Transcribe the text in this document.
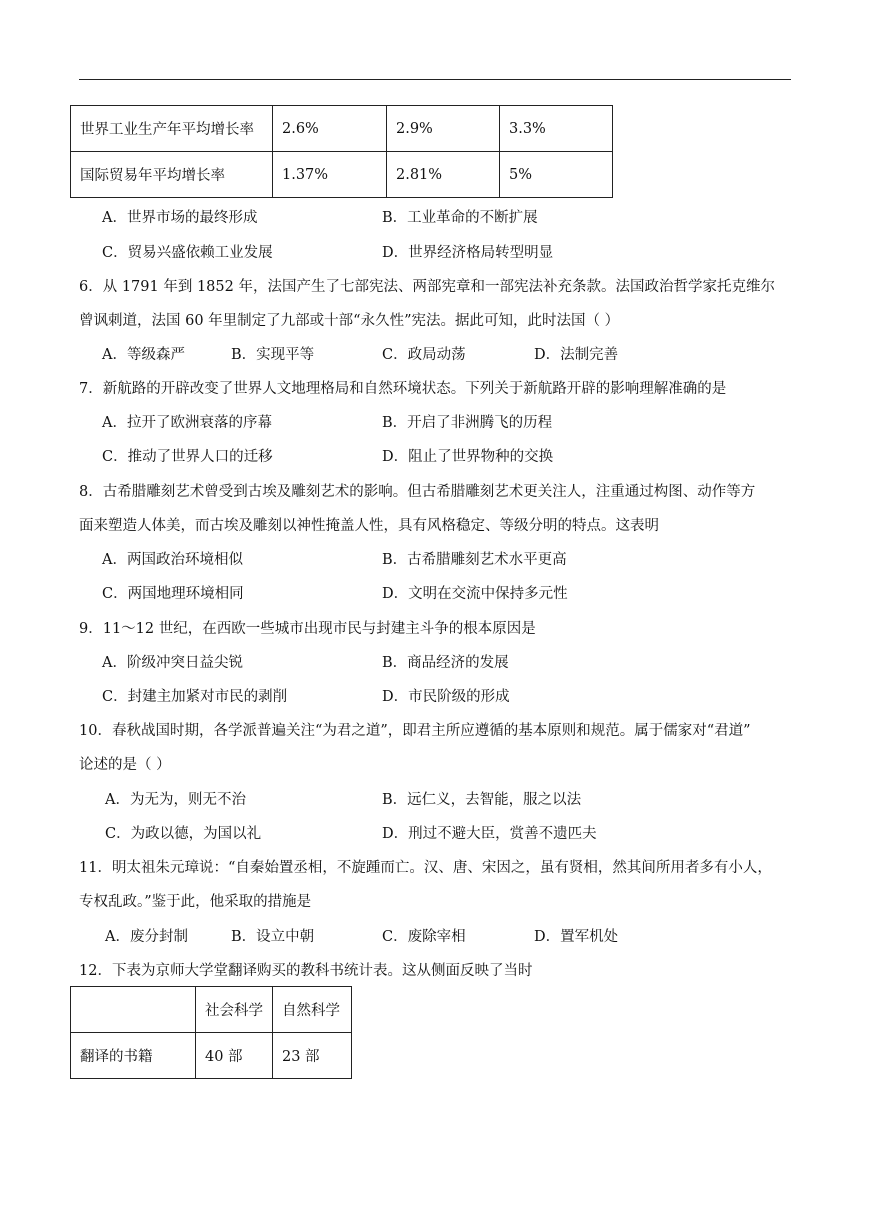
世界工业生产年平均增长率	2.6%	2.9%	3.3%
国际贸易年平均增长率	1.37%	2.81%	5%
A．世界市场的最终形成	B．工业革命的不断扩展
C．贸易兴盛依赖工业发展	D．世界经济格局转型明显
6．从 1791 年到 1852 年，法国产生了七部宪法、两部宪章和一部宪法补充条款。法国政治哲学家托克维尔
曾讽刺道，法国 60 年里制定了九部或十部“永久性”宪法。据此可知，此时法国（ ）
A．等级森严	B．实现平等	C．政局动荡	D．法制完善
7．新航路的开辟改变了世界人文地理格局和自然环境状态。下列关于新航路开辟的影响理解准确的是
A．拉开了欧洲衰落的序幕	B．开启了非洲腾飞的历程
C．推动了世界人口的迁移	D．阻止了世界物种的交换
8．古希腊雕刻艺术曾受到古埃及雕刻艺术的影响。但古希腊雕刻艺术更关注人，注重通过构图、动作等方
面来塑造人体美，而古埃及雕刻以神性掩盖人性，具有风格稳定、等级分明的特点。这表明
A．两国政治环境相似	B．古希腊雕刻艺术水平更高
C．两国地理环境相同	D．文明在交流中保持多元性
9．11～12 世纪，在西欧一些城市出现市民与封建主斗争的根本原因是
A．阶级冲突日益尖锐	B．商品经济的发展
C．封建主加紧对市民的剥削	D．市民阶级的形成
10．春秋战国时期，各学派普遍关注“为君之道”，即君主所应遵循的基本原则和规范。属于儒家对“君道”
论述的是（ ）
A．为无为，则无不治	B．远仁义，去智能，服之以法
C．为政以德，为国以礼	D．刑过不避大臣，赏善不遗匹夫
11．明太祖朱元璋说：“自秦始置丞相，不旋踵而亡。汉、唐、宋因之，虽有贤相，然其间所用者多有小人，
专权乱政。”鉴于此，他采取的措施是
A．废分封制	B．设立中朝	C．废除宰相	D．置军机处
12．下表为京师大学堂翻译购买的教科书统计表。这从侧面反映了当时
	社会科学	自然科学
翻译的书籍	40 部	23 部
